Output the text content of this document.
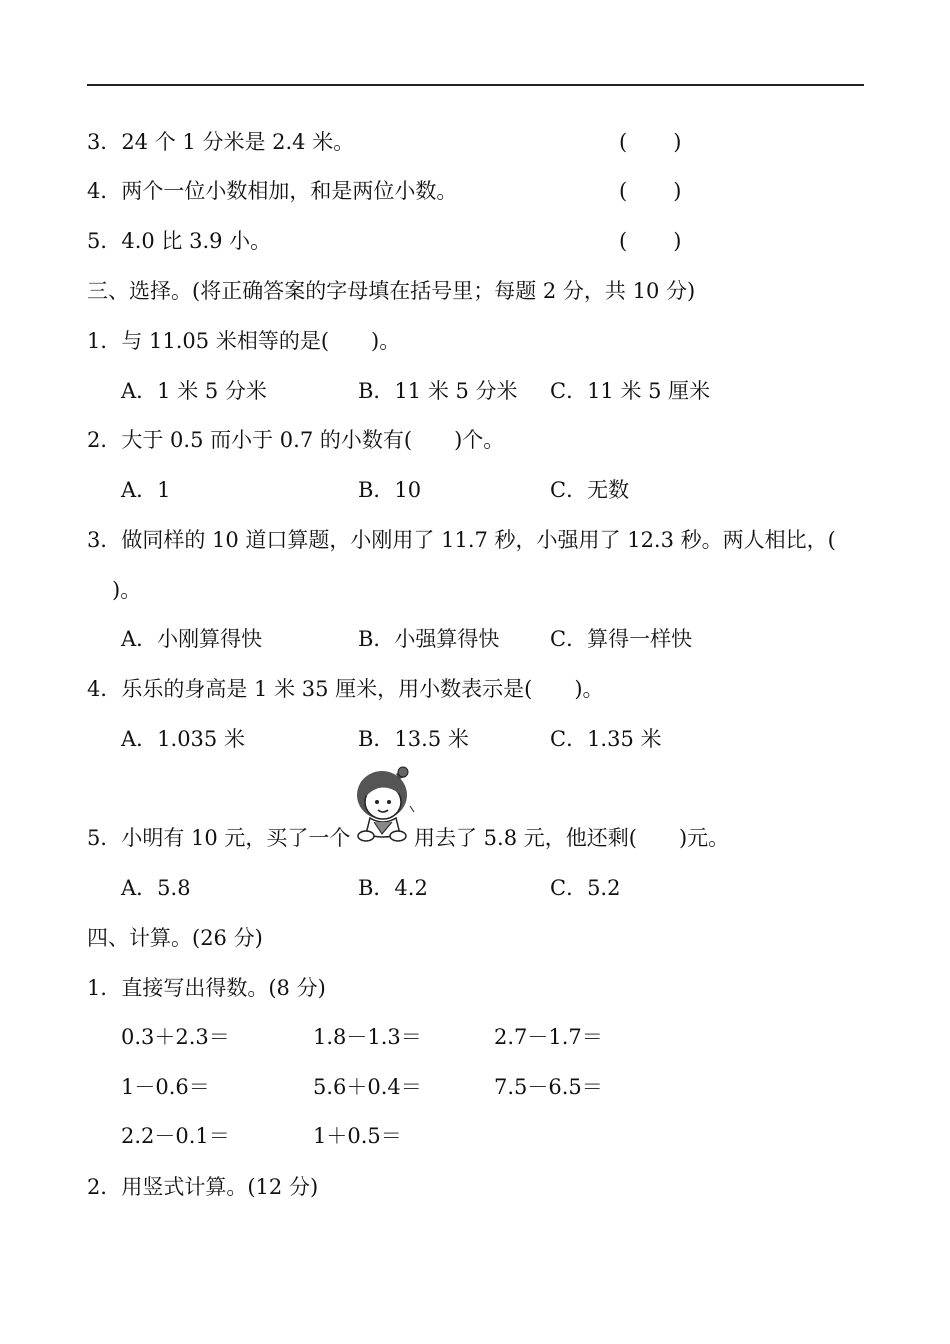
3．24 个 1 分米是 2.4 米。	( )
4．两个一位小数相加，和是两位小数。	( )
5．4.0 比 3.9 小。	( )
三、选择。(将正确答案的字母填在括号里；每题 2 分，共 10 分)
1．与 11.05 米相等的是( )。
A．1 米 5 分米	B．11 米 5 分米 C．11 米 5 厘米
2．大于 0.5 而小于 0.7 的小数有( )个。
A．1	B．10	C．无数
3．做同样的 10 道口算题，小刚用了 11.7 秒，小强用了 12.3 秒。两人相比，(
)。
A．小刚算得快	B．小强算得快 C．算得一样快
4．乐乐的身高是 1 米 35 厘米，用小数表示是( )。
A．1.035 米	B．13.5 米	C．1.35 米
5．小明有 10 元，买了一个	用去了 5.8 元，他还剩( )元。
A．5.8	B．4.2	C．5.2
四、计算。(26 分)
1．直接写出得数。(8 分)
0.3＋2.3＝	1.8－1.3＝	2.7－1.7＝
1－0.6＝	5.6＋0.4＝	7.5－6.5＝
2.2－0.1＝	1＋0.5＝
2．用竖式计算。(12 分)
